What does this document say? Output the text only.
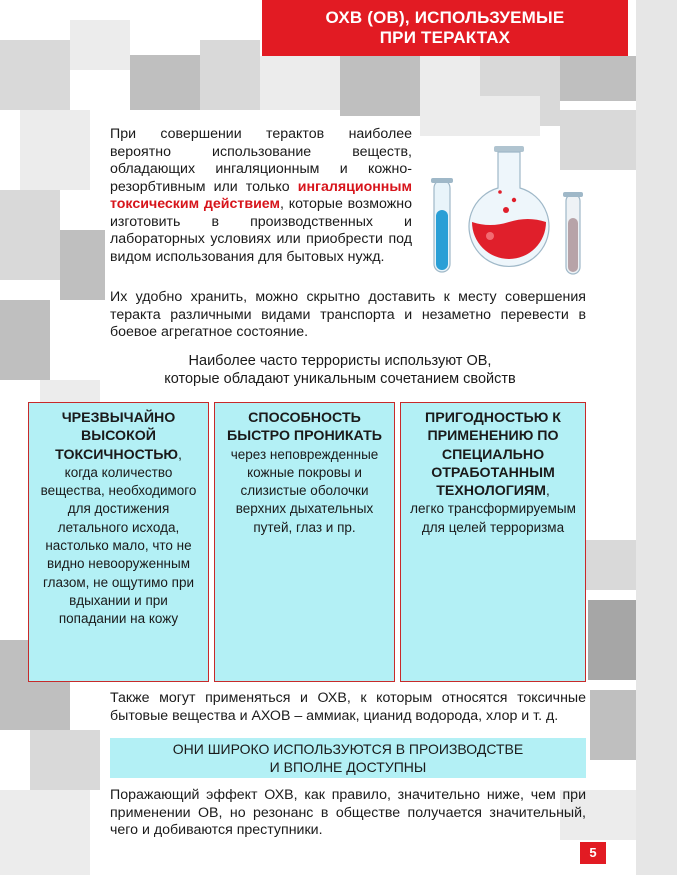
ОХВ (ОВ), ИСПОЛЬЗУЕМЫЕ
ПРИ ТЕРАКТАХ
При совершении терактов наиболее вероятно использование веществ, обладающих ингаляционным и кожно-резорбтивным или только ингаляционным токсическим действием, которые возможно изготовить в производственных и лабораторных условиях или приобрести под видом использования для бытовых нужд.
Их удобно хранить, можно скрытно доставить к месту совершения теракта различными видами транспорта и незаметно перевести в боевое агрегатное состояние.
Наиболее часто террористы используют ОВ,
которые обладают уникальным сочетанием свойств
ЧРЕЗВЫЧАЙНО ВЫСОКОЙ ТОКСИЧНОСТЬЮ,
когда количество вещества, необходимого для достижения летального исхода, настолько мало, что не видно невооруженным глазом, не ощутимо при вдыхании и при попадании на кожу
СПОСОБНОСТЬ БЫСТРО ПРОНИКАТЬ
через неповрежденные кожные покровы и слизистые оболочки верхних дыхательных путей, глаз и пр.
ПРИГОДНОСТЬЮ К ПРИМЕНЕНИЮ ПО СПЕЦИАЛЬНО ОТРАБОТАННЫМ ТЕХНОЛОГИЯМ,
легко трансформируемым для целей терроризма
Также могут применяться и ОХВ, к которым относятся токсичные бытовые вещества и АХОВ – аммиак, цианид водорода, хлор и т. д.
ОНИ ШИРОКО ИСПОЛЬЗУЮТСЯ В ПРОИЗВОДСТВЕ
И ВПОЛНЕ ДОСТУПНЫ
Поражающий эффект ОХВ, как правило, значительно ниже, чем при применении ОВ, но резонанс в обществе получается значительный, чего и добиваются преступники.
5
